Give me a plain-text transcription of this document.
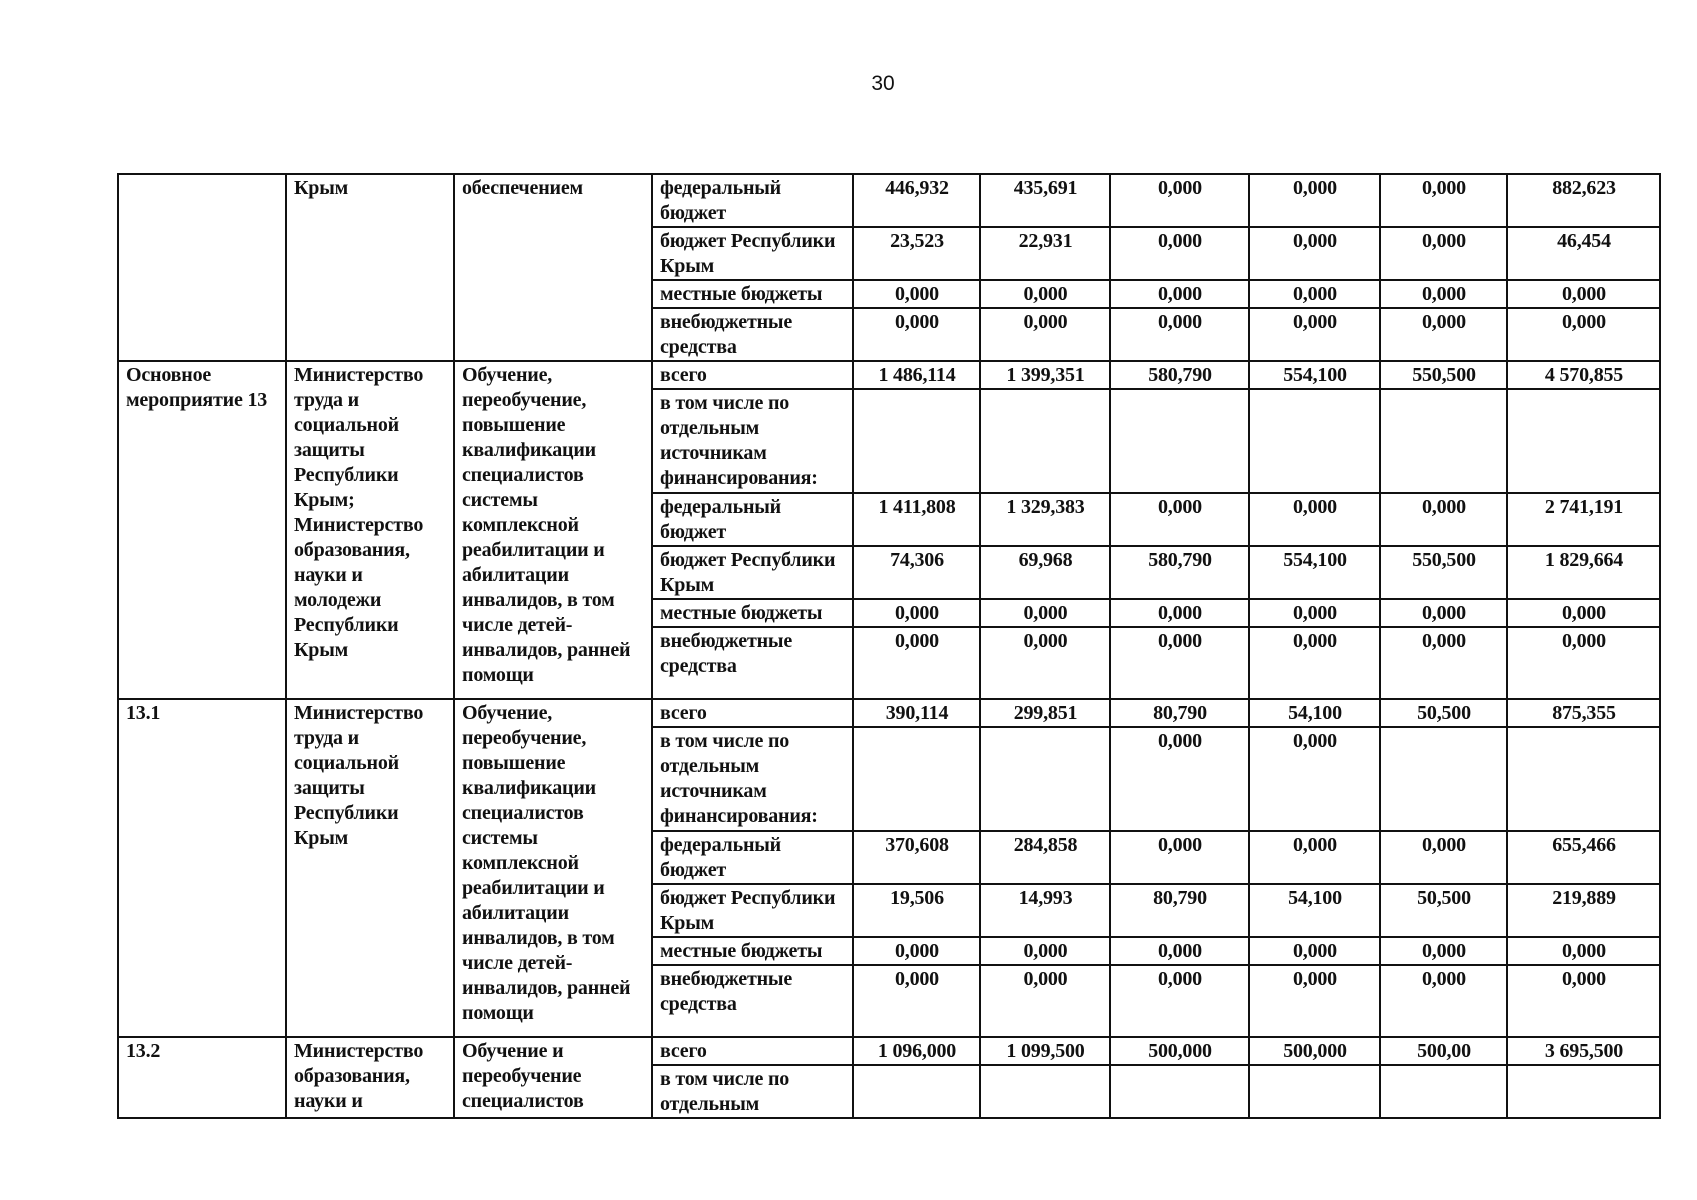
30
	Крым	обеспечением	федеральный бюджет	446,932	435,691	0,000	0,000	0,000	882,623
			бюджет Республики Крым	23,523	22,931	0,000	0,000	0,000	46,454
			местные бюджеты	0,000	0,000	0,000	0,000	0,000	0,000
			внебюджетные средства	0,000	0,000	0,000	0,000	0,000	0,000
Основное мероприятие 13	Министерство труда и социальной защиты Республики Крым; Министерство образования, науки и молодежи Республики Крым	Обучение, переобучение, повышение квалификации специалистов системы комплексной реабилитации и абилитации инвалидов, в том числе детей-инвалидов, ранней помощи	всего	1 486,114	1 399,351	580,790	554,100	550,500	4 570,855
			в том числе по отдельным источникам финансирования:						
			федеральный бюджет	1 411,808	1 329,383	0,000	0,000	0,000	2 741,191
			бюджет Республики Крым	74,306	69,968	580,790	554,100	550,500	1 829,664
			местные бюджеты	0,000	0,000	0,000	0,000	0,000	0,000
			внебюджетные средства	0,000	0,000	0,000	0,000	0,000	0,000
13.1	Министерство труда и социальной защиты Республики Крым	Обучение, переобучение, повышение квалификации специалистов системы комплексной реабилитации и абилитации инвалидов, в том числе детей-инвалидов, ранней помощи	всего	390,114	299,851	80,790	54,100	50,500	875,355
			в том числе по отдельным источникам финансирования:			0,000	0,000		
			федеральный бюджет	370,608	284,858	0,000	0,000	0,000	655,466
			бюджет Республики Крым	19,506	14,993	80,790	54,100	50,500	219,889
			местные бюджеты	0,000	0,000	0,000	0,000	0,000	0,000
			внебюджетные средства	0,000	0,000	0,000	0,000	0,000	0,000
13.2	Министерство образования, науки и	Обучение и переобучение специалистов	всего	1 096,000	1 099,500	500,000	500,000	500,00	3 695,500
			в том числе по отдельным						
